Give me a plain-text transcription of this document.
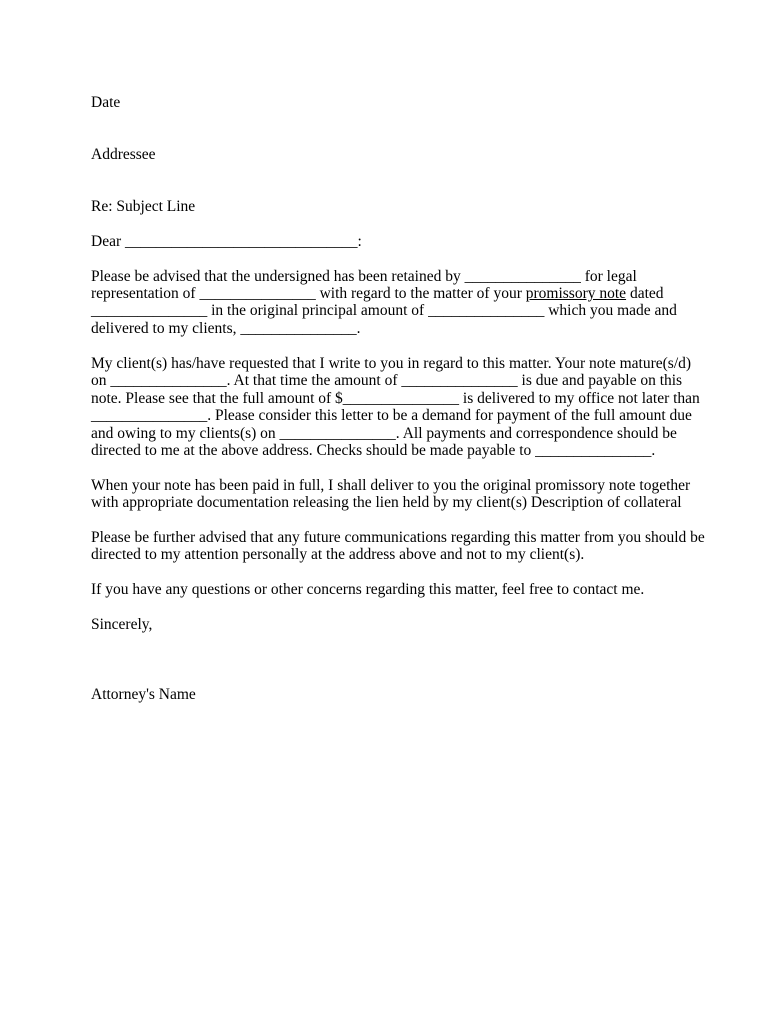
Date

Addressee

Re: Subject Line

Dear ______________________________:

Please be advised that the undersigned has been retained by _______________ for legal

representation of _______________ with regard to the matter of your promissory note dated

_______________ in the original principal amount of _______________ which you made and

delivered to my clients, _______________.

My client(s) has/have requested that I write to you in regard to this matter. Your note mature(s/d)

on _______________. At that time the amount of _______________ is due and payable on this

note. Please see that the full amount of $_______________ is delivered to my office not later than

_______________. Please consider this letter to be a demand for payment of the full amount due

and owing to my clients(s) on _______________. All payments and correspondence should be

directed to me at the above address. Checks should be made payable to _______________.

When your note has been paid in full, I shall deliver to you the original promissory note together

with appropriate documentation releasing the lien held by my client(s) Description of collateral

Please be further advised that any future communications regarding this matter from you should be

directed to my attention personally at the address above and not to my client(s).

If you have any questions or other concerns regarding this matter, feel free to contact me.

Sincerely,

Attorney's Name
